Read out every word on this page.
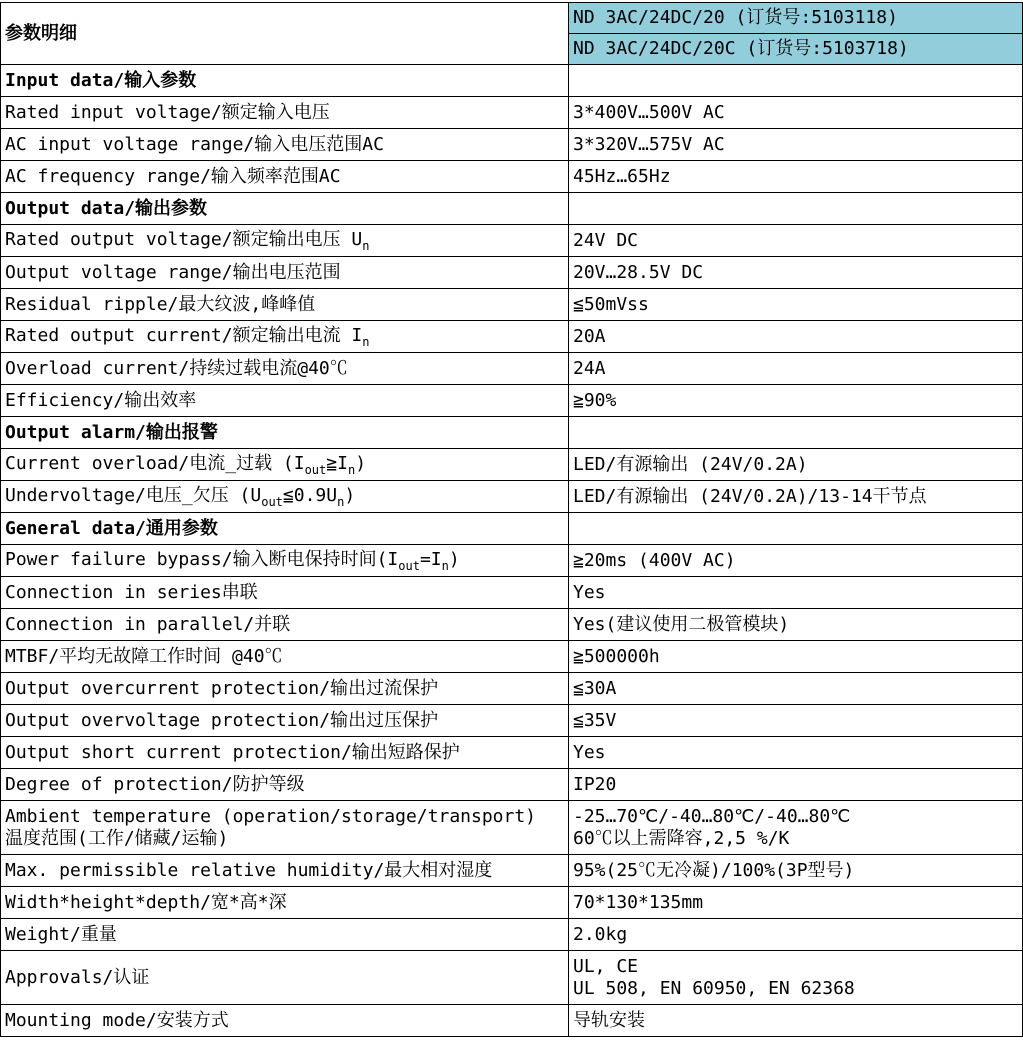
参数明细	ND 3AC/24DC/20 (订货号:5103118)
	ND 3AC/24DC/20C (订货号:5103718)
Input data/输入参数	
Rated input voltage/额定输入电压	3*400V…500V AC
AC input voltage range/输入电压范围AC	3*320V…575V AC
AC frequency range/输入频率范围AC	45Hz…65Hz
Output data/输出参数	
Rated output voltage/额定输出电压 $U_n$	24V DC
Output voltage range/输出电压范围	20V…28.5V DC
Residual ripple/最大纹波,峰峰值	≦50mVss
Rated output current/额定输出电流 $I_n$	20A
Overload current/持续过载电流@40℃	24A
Efficiency/输出效率	≧90%
Output alarm/输出报警	
Current overload/电流_过载 $(I_{out}≧I_n)$	LED/有源输出 (24V/0.2A)
Undervoltage/电压_欠压 $(U_{out}≦0.9U_n)$	LED/有源输出 (24V/0.2A)/13-14干节点
General data/通用参数	
Power failure bypass/输入断电保持时间$(I_{out}=I_n)$	≧20ms (400V AC)
Connection in series串联	Yes
Connection in parallel/并联	Yes(建议使用二极管模块)
MTBF/平均无故障工作时间 @40℃	≧500000h
Output overcurrent protection/输出过流保护	≦30A
Output overvoltage protection/输出过压保护	≦35V
Output short current protection/输出短路保护	Yes
Degree of protection/防护等级	IP20

Ambient temperature (operation/storage/transport)
温度范围(工作/储藏/运输)	-25…70℃/-40…80℃/-40…80℃
60℃以上需降容,2,5 %/K

Max. permissible relative humidity/最大相对湿度	95%(25℃无冷凝)/100%(3P型号)
Width*height*depth/宽*高*深	70*130*135mm
Weight/重量	2.0kg
Approvals/认证	UL, CE
UL 508, EN 60950, EN 62368

Mounting mode/安装方式	导轨安装
